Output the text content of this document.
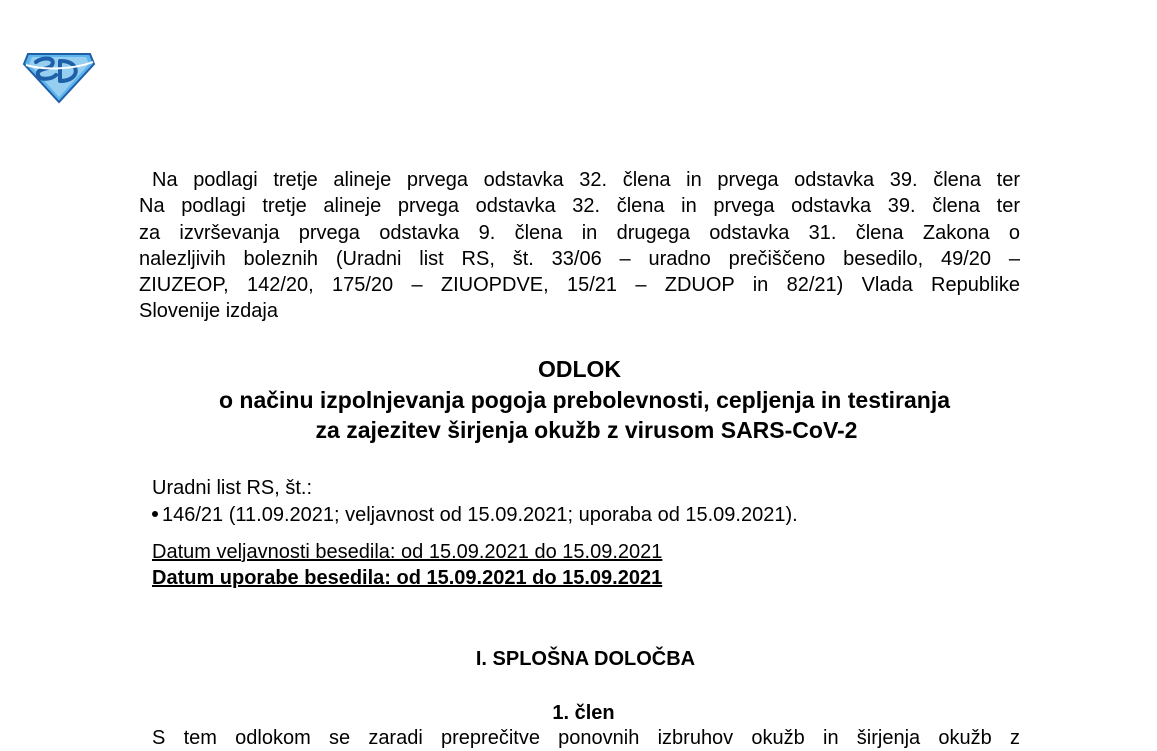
Na podlagi tretje alineje prvega odstavka 32. člena in prvega odstavka 39. člena ter
Na podlagi tretje alineje prvega odstavka 32. člena in prvega odstavka 39. člena ter
za izvrševanja prvega odstavka 9. člena in drugega odstavka 31. člena Zakona o
nalezljivih boleznih (Uradni list RS, št. 33/06 – uradno prečiščeno besedilo, 49/20 –
ZIUZEOP, 142/20, 175/20 – ZIUOPDVE, 15/21 – ZDUOP in 82/21) Vlada Republike
Slovenije izdaja
ODLOK
o načinu izpolnjevanja pogoja prebolevnosti, cepljenja in testiranja
za zajezitev širjenja okužb z virusom SARS-CoV-2
Uradni list RS, št.:
146/21 (11.09.2021; veljavnost od 15.09.2021; uporaba od 15.09.2021).
Datum veljavnosti besedila: od 15.09.2021 do 15.09.2021
Datum uporabe besedila: od 15.09.2021 do 15.09.2021
I. SPLOŠNA DOLOČBA
1. člen
S tem odlokom se zaradi preprečitve ponovnih izbruhov okužb in širjenja okužb z
